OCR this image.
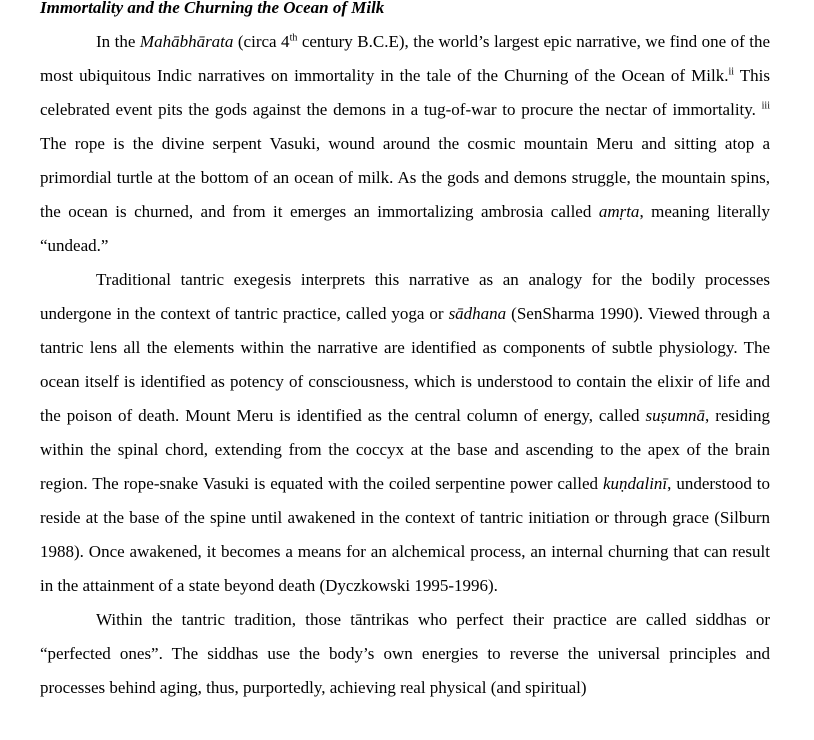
Immortality and the Churning the Ocean of Milk

In the Mahābhārata (circa 4th century B.C.E), the world’s largest epic narrative, we find one of the most ubiquitous Indic narratives on immortality in the tale of the Churning of the Ocean of Milk.$^{ii}$ This celebrated event pits the gods against the demons in a tug-of-war to procure the nectar of immortality. $^{iii}$ The rope is the divine serpent Vasuki, wound around the cosmic mountain Meru and sitting atop a primordial turtle at the bottom of an ocean of milk. As the gods and demons struggle, the mountain spins, the ocean is churned, and from it emerges an immortalizing ambrosia called amṛta, meaning literally “undead.”

Traditional tantric exegesis interprets this narrative as an analogy for the bodily processes undergone in the context of tantric practice, called yoga or sādhana (SenSharma 1990). Viewed through a tantric lens all the elements within the narrative are identified as components of subtle physiology. The ocean itself is identified as potency of consciousness, which is understood to contain the elixir of life and the poison of death. Mount Meru is identified as the central column of energy, called suṣumnā, residing within the spinal chord, extending from the coccyx at the base and ascending to the apex of the brain region. The rope-snake Vasuki is equated with the coiled serpentine power called kuṇdalinī, understood to reside at the base of the spine until awakened in the context of tantric initiation or through grace (Silburn 1988). Once awakened, it becomes a means for an alchemical process, an internal churning that can result in the attainment of a state beyond death (Dyczkowski 1995-1996).

Within the tantric tradition, those tāntrikas who perfect their practice are called siddhas or “perfected ones”. The siddhas use the body’s own energies to reverse the universal principles and processes behind aging, thus, purportedly, achieving real physical (and spiritual)
